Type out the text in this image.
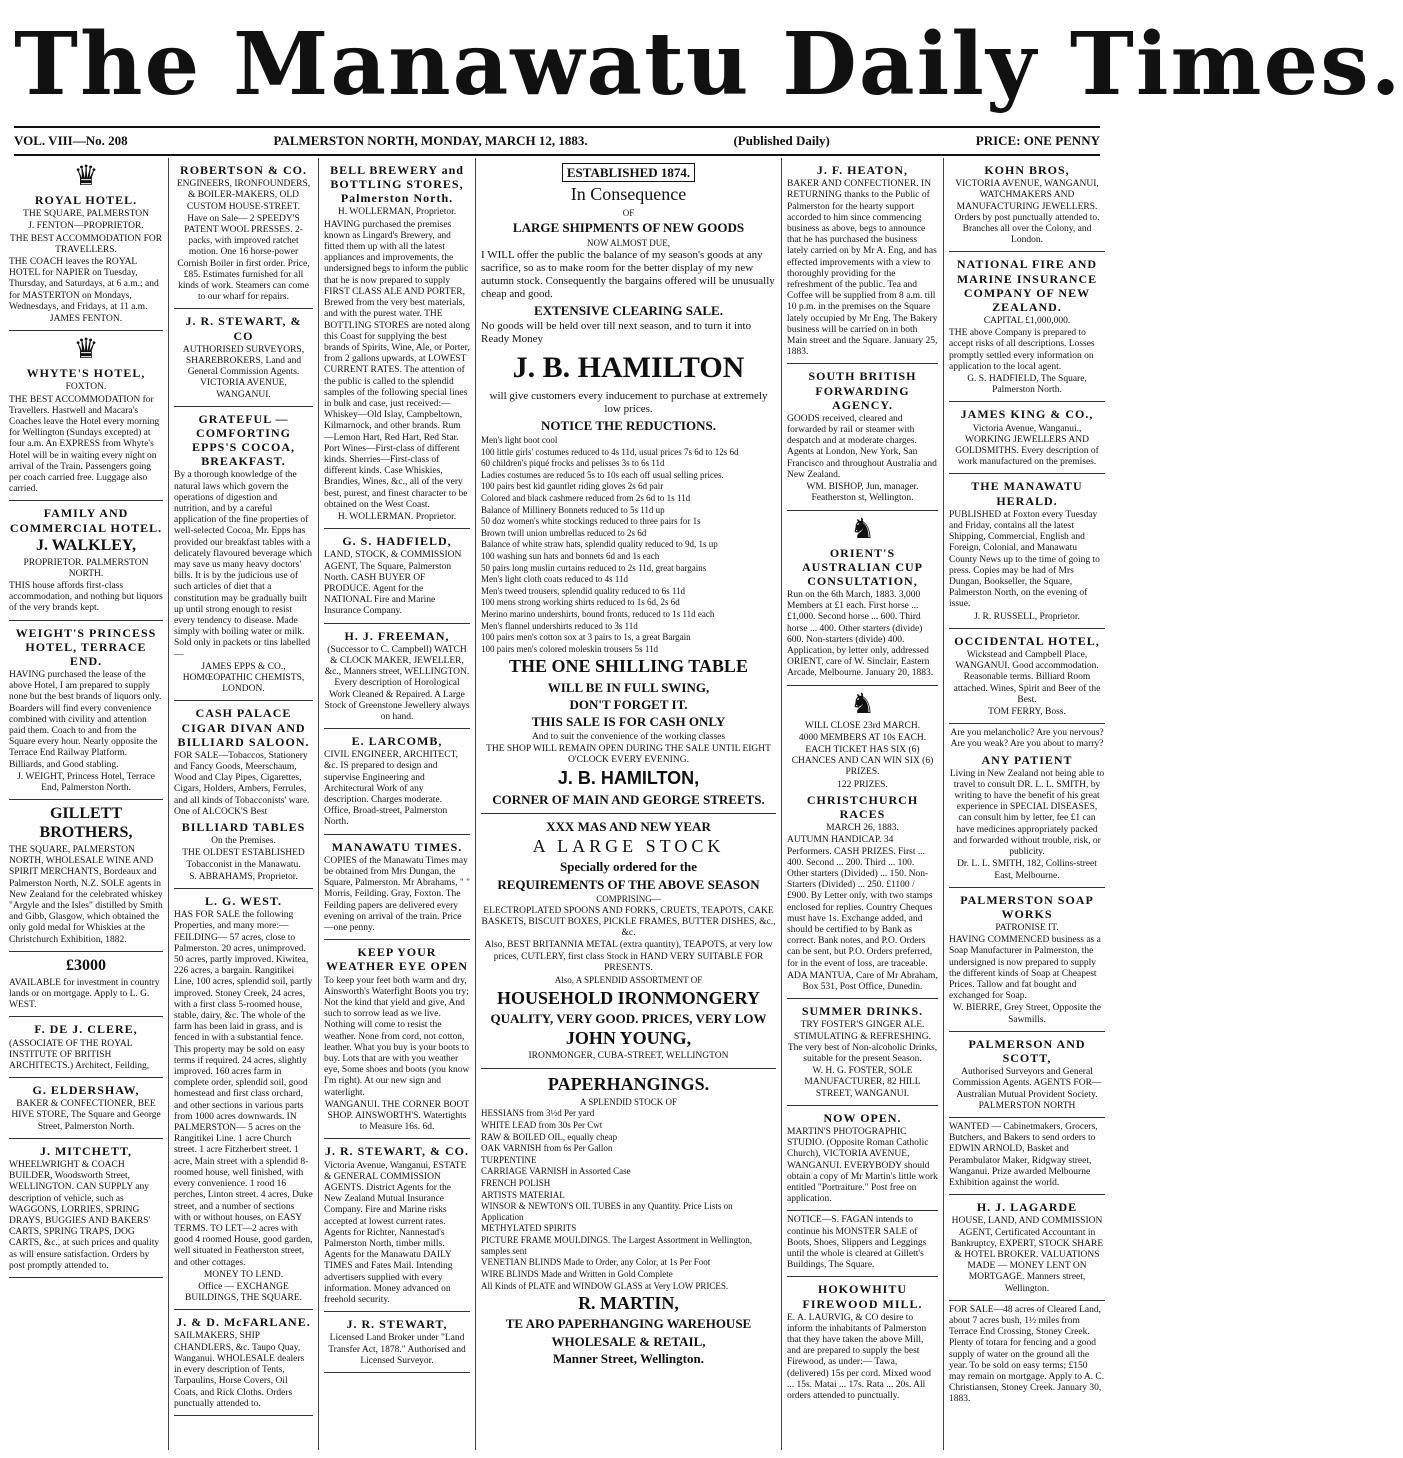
The Manawatu Daily Times.
VOL. VIII—No. 208	PALMERSTON NORTH, MONDAY, MARCH 12, 1883.	(Published Daily)	PRICE: ONE PENNY
♛
ROYAL HOTEL.

THE SQUARE, PALMERSTON

J. FENTON—PROPRIETOR.

THE BEST ACCOMMODATION FOR TRAVELLERS.

THE COACH leaves the ROYAL HOTEL for NAPIER on Tuesday, Thursday, and Saturdays, at 6 a.m.; and for MASTERTON on Mondays, Wednesdays, and Fridays, at 11 a.m.

JAMES FENTON.

♛
WHYTE'S HOTEL,

FOXTON.

THE BEST ACCOMMODATION for Travellers. Hastwell and Macara's Coaches leave the Hotel every morning for Wellington (Sundays excepted) at four a.m. An EXPRESS from Whyte's Hotel will be in waiting every night on arrival of the Train. Passengers going per coach carried free. Luggage also carried.

FAMILY AND COMMERCIAL HOTEL.
J. WALKLEY,

PROPRIETOR. PALMERSTON NORTH.

THIS house affords first-class accommodation, and nothing but liquors of the very brands kept.

WEIGHT'S PRINCESS HOTEL, TERRACE END.

HAVING purchased the lease of the above Hotel, I am prepared to supply none but the best brands of liquors only. Boarders will find every convenience combined with civility and attention paid them. Coach to and from the Square every hour. Nearly opposite the Terrace End Railway Platform. Billiards, and Good stabling.

J. WEIGHT, Princess Hotel, Terrace End, Palmerston North.

GILLETT BROTHERS,

THE SQUARE, PALMERSTON NORTH, WHOLESALE WINE AND SPIRIT MERCHANTS, Bordeaux and Palmerston North, N.Z. SOLE agents in New Zealand for the celebrated whiskey "Argyle and the Isles" distilled by Smith and Gibb, Glasgow, which obtained the only gold medal for Whiskies at the Christchurch Exhibition, 1882.

£3000

AVAILABLE for investment in country lands or on mortgage. Apply to L. G. WEST.

F. DE J. CLERE,

(ASSOCIATE OF THE ROYAL INSTITUTE OF BRITISH ARCHITECTS.) Architect, Feilding,

G. ELDERSHAW,

BAKER & CONFECTIONER, BEE HIVE STORE, The Square and George Street, Palmerston North.

J. MITCHETT,

WHEELWRIGHT & COACH BUILDER, Woodsworth Street, WELLINGTON. CAN SUPPLY any description of vehicle, such as WAGGONS, LORRIES, SPRING DRAYS, BUGGIES AND BAKERS' CARTS, SPRING TRAPS, DOG CARTS, &c., at such prices and quality as will ensure satisfaction. Orders by post promptly attended to.

ROBERTSON & CO.

ENGINEERS, IRONFOUNDERS, & BOILER-MAKERS, OLD CUSTOM HOUSE-STREET.

Have on Sale— 2 SPEEDY'S PATENT WOOL PRESSES. 2-packs, with improved ratchet motion. One 16 horse-power Cornish Boiler in first order. Price, £85. Estimates furnished for all kinds of work. Steamers can come to our wharf for repairs.

J. R. STEWART, & CO

AUTHORISED SURVEYORS, SHAREBROKERS, Land and General Commission Agents. VICTORIA AVENUE, WANGANUI.

GRATEFUL — COMFORTING EPPS'S COCOA, BREAKFAST.

By a thorough knowledge of the natural laws which govern the operations of digestion and nutrition, and by a careful application of the fine properties of well-selected Cocoa, Mr. Epps has provided our breakfast tables with a delicately flavoured beverage which may save us many heavy doctors' bills. It is by the judicious use of such articles of diet that a constitution may be gradually built up until strong enough to resist every tendency to disease. Made simply with boiling water or milk. Sold only in packets or tins labelled—

JAMES EPPS & CO., HOMŒOPATHIC CHEMISTS, LONDON.

CASH PALACE CIGAR DIVAN AND BILLIARD SALOON.

FOR SALE—Tobaccos, Stationery and Fancy Goods, Meerschaum, Wood and Clay Pipes, Cigarettes, Cigars, Holders, Ambers, Ferrules, and all kinds of Tobacconists' ware. One of ALCOCK'S Best

BILLIARD TABLES

On the Premises.

THE OLDEST ESTABLISHED Tobacconist in the Manawatu.

S. ABRAHAMS, Proprietor.

L. G. WEST.

HAS FOR SALE the following Properties, and many more:— FEILDING— 57 acres, close to Palmerston. 20 acres, unimproved. 50 acres, partly improved. Kiwitea, 226 acres, a bargain. Rangitikei Line, 100 acres, splendid soil, partly improved. Stoney Creek, 24 acres, with a first class 5-roomed house, stable, dairy, &c. The whole of the farm has been laid in grass, and is fenced in with a substantial fence. This property may be sold on easy terms if required. 24 acres, slightly improved. 160 acres farm in complete order, splendid soil, good homestead and first class orchard, and other sections in various parts from 1000 acres downwards. IN PALMERSTON— 5 acres on the Rangitikei Line. 1 acre Church street. 1 acre Fitzherbert street. 1 acre, Main street with a splendid 8-roomed house, well finished, with every convenience. 1 rood 16 perches, Linton street. 4 acres, Duke street, and a number of sections with or without houses, on EASY TERMS. TO LET—2 acres with good 4 roomed House, good garden, well situated in Featherston street, and other cottages.

MONEY TO LEND.

Office — EXCHANGE BUILDINGS, THE SQUARE.

J. & D. McFARLANE.

SAILMAKERS, SHIP CHANDLERS, &c. Taupo Quay, Wanganui. WHOLESALE dealers in every description of Tents, Tarpaulins, Horse Covers, Oil Coats, and Rick Cloths. Orders punctually attended to.

BELL BREWERY and BOTTLING STORES, Palmerston North.

H. WOLLERMAN, Proprietor.

HAVING purchased the premises known as Lingard's Brewery, and fitted them up with all the latest appliances and improvements, the undersigned begs to inform the public that he is now prepared to supply FIRST CLASS ALE AND PORTER, Brewed from the very best materials, and with the purest water. THE BOTTLING STORES are noted along this Coast for supplying the best brands of Spirits, Wine, Ale, or Porter, from 2 gallons upwards, at LOWEST CURRENT RATES. The attention of the public is called to the splendid samples of the following special lines in bulk and case, just received:— Whiskey—Old Islay, Campbeltown, Kilmarnock, and other brands. Rum—Lemon Hart, Red Hart, Red Star. Port Wines—First-class of different kinds. Sherries—First-class of different kinds. Case Whiskies, Brandies, Wines, &c., all of the very best, purest, and finest character to be obtained on the West Coast.

H. WOLLERMAN. Proprietor.

G. S. HADFIELD,

LAND, STOCK, & COMMISSION AGENT, The Square, Palmerston North. CASH BUYER OF PRODUCE. Agent for the NATIONAL Fire and Marine Insurance Company.

H. J. FREEMAN,

(Successor to C. Campbell) WATCH & CLOCK MAKER, JEWELLER, &c., Manners street, WELLINGTON. Every description of Horological Work Cleaned & Repaired. A Large Stock of Greenstone Jewellery always on hand.

E. LARCOMB,

CIVIL ENGINEER, ARCHITECT, &c. IS prepared to design and supervise Engineering and Architectural Work of any description. Charges moderate. Office, Broad-street, Palmerston North.

MANAWATU TIMES.

COPIES of the Manawatu Times may be obtained from Mrs Dungan, the Square, Palmerston. Mr Abrahams, " " Morris, Feilding. Gray, Foxton. The Feilding papers are delivered every evening on arrival of the train. Price—one penny.

KEEP YOUR WEATHER EYE OPEN

To keep your feet both warm and dry, Ainsworth's Waterfight Boots you try; Not the kind that yield and give, And such to sorrow lead as we live. Nothing will come to resist the weather. None from cord, not cotton, leather. What you buy is your boots to buy. Lots that are with you weather eye, Some shoes and boots (you know I'm right). At our new sign and waterlight.

WANGANUI. THE CORNER BOOT SHOP. AINSWORTH'S. Watertights to Measure 16s. 6d.

J. R. STEWART, & CO.

Victoria Avenue, Wanganui, ESTATE & GENERAL COMMISSION AGENTS. District Agents for the New Zealand Mutual Insurance Company. Fire and Marine risks accepted at lowest current rates. Agents for Richter, Nannestad's Palmerston North, timber mills. Agents for the Manawatu DAILY TIMES and Fates Mail. Intending advertisers supplied with every information. Money advanced on freehold security.

J. R. STEWART,

Licensed Land Broker under "Land Transfer Act, 1878." Authorised and Licensed Surveyor.

ESTABLISHED 1874.
In Consequence
OF
LARGE SHIPMENTS OF NEW GOODS
NOW ALMOST DUE,

I WILL offer the public the balance of my season's goods at any sacrifice, so as to make room for the better display of my new autumn stock. Consequently the bargains offered will be unusually cheap and good.

EXTENSIVE CLEARING SALE.

No goods will be held over till next season, and to turn it into Ready Money

J. B. HAMILTON

will give customers every inducement to purchase at extremely low prices.

NOTICE THE REDUCTIONS.

Men's light boot cool

100 little girls' costumes reduced to 4s 11d, usual prices 7s 6d to 12s 6d

60 children's piqué frocks and pelisses 3s to 6s 11d

Ladies costumes are reduced 5s to 10s each off usual selling prices.

100 pairs best kid gauntlet riding gloves 2s 6d pair

Colored and black cashmere reduced from 2s 6d to 1s 11d

Balance of Millinery Bonnets reduced to 5s 11d up

50 doz women's white stockings reduced to three pairs for 1s

Brown twill union umbrellas reduced to 2s 6d

Balance of white straw hats, splendid quality reduced to 9d, 1s up

100 washing sun hats and bonnets 6d and 1s each

50 pairs long muslin curtains reduced to 2s 11d, great bargains

Men's light cloth coats reduced to 4s 11d

Men's tweed trousers, splendid quality reduced to 6s 11d

100 mens strong working shirts reduced to 1s 6d, 2s 6d

Merino marino undershirts, bound fronts, reduced to 1s 11d each

Men's flannel undershirts reduced to 3s 11d

100 pairs men's cotton sox at 3 pairs to 1s, a great Bargain

100 pairs men's colored moleskin trousers 5s 11d

THE ONE SHILLING TABLE
WILL BE IN FULL SWING,
DON'T FORGET IT.
THIS SALE IS FOR CASH ONLY

And to suit the convenience of the working classes

THE SHOP WILL REMAIN OPEN DURING THE SALE UNTIL EIGHT O'CLOCK EVERY EVENING.

J. B. HAMILTON,
CORNER OF MAIN AND GEORGE STREETS.
XXX MAS AND NEW YEAR
A LARGE STOCK
Specially ordered for the
REQUIREMENTS OF THE ABOVE SEASON
COMPRISING—

ELECTROPLATED SPOONS AND FORKS, CRUETS, TEAPOTS, CAKE BASKETS, BISCUIT BOXES, PICKLE FRAMES, BUTTER DISHES, &c., &c.

Also, BEST BRITANNIA METAL (extra quantity), TEAPOTS, at very low prices, CUTLERY, first class Stock in HAND VERY SUITABLE FOR PRESENTS.

Also, A SPLENDID ASSORTMENT OF
HOUSEHOLD IRONMONGERY
QUALITY, VERY GOOD. PRICES, VERY LOW
JOHN YOUNG,

IRONMONGER, CUBA-STREET, WELLINGTON

PAPERHANGINGS.
A SPLENDID STOCK OF

HESSIANS from 3½d Per yard

WHITE LEAD from 30s Per Cwt

RAW & BOILED OIL, equally cheap

OAK VARNISH from 6s Per Gallon

TURPENTINE

CARRIAGE VARNISH in Assorted Case

FRENCH POLISH

ARTISTS MATERIAL

WINSOR & NEWTON'S OIL TUBES in any Quantity. Price Lists on Application

METHYLATED SPIRITS

PICTURE FRAME MOULDINGS. The Largest Assortment in Wellington, samples sent

VENETIAN BLINDS Made to Order, any Color, at 1s Per Foot

WIRE BLINDS Made and Written in Gold Complete

All Kinds of PLATE and WINDOW GLASS at Very LOW PRICES.

R. MARTIN,
TE ARO PAPERHANGING WAREHOUSE
WHOLESALE & RETAIL,
Manner Street, Wellington.
J. F. HEATON,

BAKER AND CONFECTIONER. IN RETURNING thanks to the Public of Palmerston for the hearty support accorded to him since commencing business as above, begs to announce that he has purchased the business lately carried on by Mr A. Eng, and has effected improvements with a view to thoroughly providing for the refreshment of the public. Tea and Coffee will be supplied from 8 a.m. till 10 p.m. in the premises on the Square lately occupied by Mr Eng. The Bakery business will be carried on in both Main street and the Square. January 25, 1883.

SOUTH BRITISH FORWARDING AGENCY.

GOODS received, cleared and forwarded by rail or steamer with despatch and at moderate charges. Agents at London, New York, San Francisco and throughout Australia and New Zealand.

WM. BISHOP, Jun, manager. Featherston st, Wellington.

♞
ORIENT'S AUSTRALIAN CUP CONSULTATION,

Run on the 6th March, 1883. 3,000 Members at £1 each. First horse ... £1,000. Second horse ... 600. Third horse ... 400. Other starters (divide) 600. Non-starters (divide) 400. Application, by letter only, addressed ORIENT, care of W. Sinclair, Eastern Arcade, Melbourne. January 20, 1883.

♞

WILL CLOSE 23rd MARCH.

4000 MEMBERS AT 10s EACH.

EACH TICKET HAS SIX (6) CHANCES AND CAN WIN SIX (6) PRIZES.

122 PRIZES.

CHRISTCHURCH RACES

MARCH 26, 1883.

AUTUMN HANDICAP. 34 Performers. CASH PRIZES. First ... 400. Second ... 200. Third ... 100. Other starters (Divided) ... 150. Non-Starters (Divided) ... 250. £1100 / £900. By Letter only, with two stamps enclosed for replies. Country Cheques must have 1s. Exchange added, and should be certified to by Bank as correct. Bank notes, and P.O. Orders can be sent, but P.O. Orders preferred, for in the event of loss, are traceable.

ADA MANTUA, Care of Mr Abraham, Box 531, Post Office, Dunedin.

SUMMER DRINKS.

TRY FOSTER'S GINGER ALE. STIMULATING & REFRESHING. The very best of Non-alcoholic Drinks, suitable for the present Season.

W. H. G. FOSTER, SOLE MANUFACTURER, 82 HILL STREET, WANGANUI.

NOW OPEN.

MARTIN'S PHOTOGRAPHIC STUDIO. (Opposite Roman Catholic Church), VICTORIA AVENUE, WANGANUI. EVERYBODY should obtain a copy of Mr Martin's little work entitled "Portraiture." Post free on application.

NOTICE—S. FAGAN intends to continue his MONSTER SALE of Boots, Shoes, Slippers and Leggings until the whole is cleared at Gillett's Buildings, The Square.

HOKOWHITU FIREWOOD MILL.

E. A. LAURVIG, & CO desire to inform the inhabitants of Palmerston that they have taken the above Mill, and are prepared to supply the best Firewood, as under:— Tawa, (delivered) 15s per cord. Mixed wood ... 15s. Matai ... 17s. Rata ... 20s. All orders attended to punctually.

KOHN BROS,

VICTORIA AVENUE, WANGANUI, WATCHMAKERS AND MANUFACTURING JEWELLERS. Orders by post punctually attended to. Branches all over the Colony, and London.

NATIONAL FIRE AND MARINE INSURANCE COMPANY OF NEW ZEALAND.

CAPITAL £1,000,000.

THE above Company is prepared to accept risks of all descriptions. Losses promptly settled every information on application to the local agent.

G. S. HADFIELD, The Square, Palmerston North.

JAMES KING & CO.,

Victoria Avenue, Wanganui., WORKING JEWELLERS AND GOLDSMITHS. Every description of work manufactured on the premises.

THE MANAWATU HERALD.

PUBLISHED at Foxton every Tuesday and Friday, contains all the latest Shipping, Commercial, English and Foreign, Colonial, and Manawatu County News up to the time of going to press. Copies may be had of Mrs Dungan, Bookseller, the Square, Palmerston North, on the evening of issue.

J. R. RUSSELL, Proprietor.

OCCIDENTAL HOTEL,

Wickstead and Campbell Place, WANGANUI. Good accommodation. Reasonable terms. Billiard Room attached. Wines, Spirit and Beer of the Best.

TOM FERRY, Boss.

Are you melancholic? Are you nervous? Are you weak? Are you about to marry?

ANY PATIENT

Living in New Zealand not being able to travel to consult DR. L. L. SMITH, by writing to have the benefit of his great experience in SPECIAL DISEASES, can consult him by letter, fee £1 can have medicines appropriately packed and forwarded without trouble, risk, or publicity.

Dr. L. L. SMITH, 182, Collins-street East, Melbourne.

PALMERSTON SOAP WORKS

PATRONISE IT.

HAVING COMMENCED business as a Soap Manufacturer in Palmerston, the undersigned is now prepared to supply the different kinds of Soap at Cheapest Prices. Tallow and fat bought and exchanged for Soap.

W. BIERRE, Grey Street, Opposite the Sawmills.

PALMERSON AND SCOTT,

Authorised Surveyors and General Commission Agents. AGENTS FOR—Australian Mutual Provident Society. PALMERSTON NORTH

WANTED — Cabinetmakers, Grocers, Butchers, and Bakers to send orders to EDWIN ARNOLD, Basket and Perambulator Maker, Ridgway street, Wanganui. Prize awarded Melbourne Exhibition against the world.

H. J. LAGARDE

HOUSE, LAND, AND COMMISSION AGENT, Certificated Accountant in Bankruptcy, EXPERT, STOCK SHARE & HOTEL BROKER. VALUATIONS MADE — MONEY LENT ON MORTGAGE. Manners street, Wellington.

FOR SALE—48 acres of Cleared Land, about 7 acres bush, 1½ miles from Terrace End Crossing, Stoney Creek. Plenty of totara for fencing and a good supply of water on the ground all the year. To be sold on easy terms; £150 may remain on mortgage. Apply to A. C. Christiansen, Stoney Creek. January 30, 1883.
